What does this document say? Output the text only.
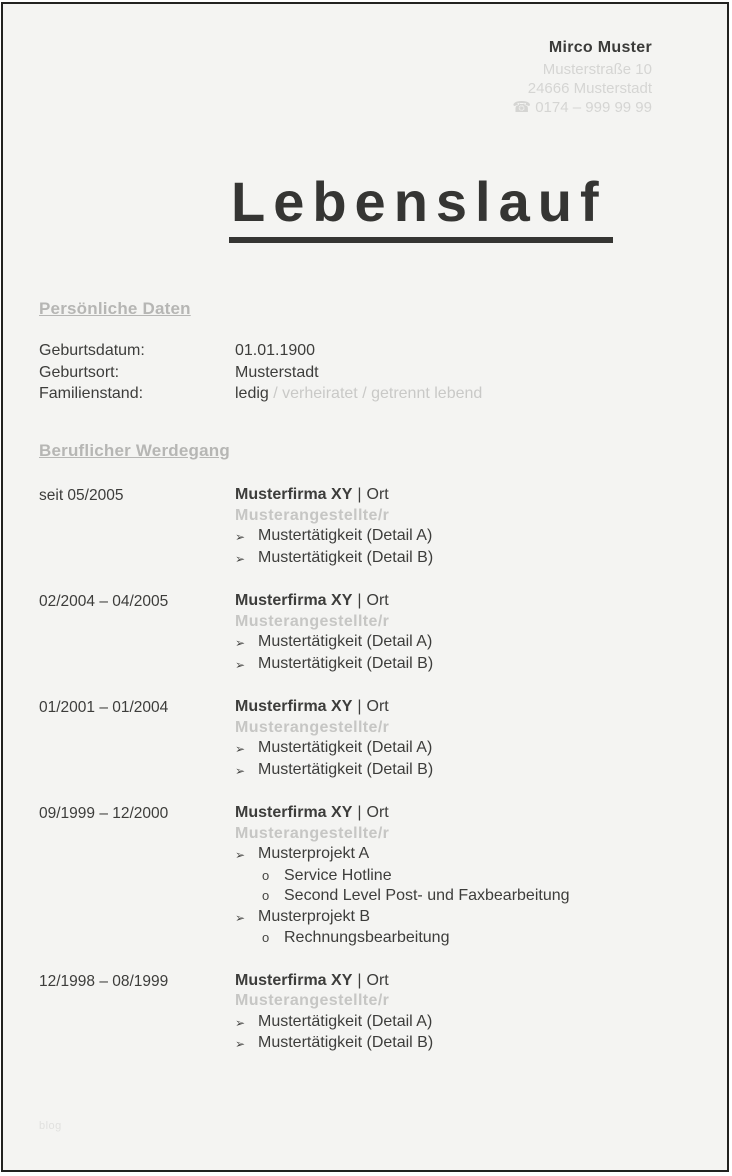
Mirco Muster
Musterstraße 10
24666 Musterstadt
☎ 0174 – 999 99 99
Lebenslauf
Persönliche Daten
Geburtsdatum:	01.01.1900
Geburtsort:	Musterstadt
Familienstand:	ledig / verheiratet / getrennt lebend
Beruflicher Werdegang
seit 05/2005	Musterfirma XY | Ort
Musterangestellte/r
➢ Mustertätigkeit (Detail A)
➢ Mustertätigkeit (Detail B)
02/2004 – 04/2005	Musterfirma XY | Ort
Musterangestellte/r
➢ Mustertätigkeit (Detail A)
➢ Mustertätigkeit (Detail B)
01/2001 – 01/2004	Musterfirma XY | Ort
Musterangestellte/r
➢ Mustertätigkeit (Detail A)
➢ Mustertätigkeit (Detail B)
09/1999 – 12/2000	Musterfirma XY | Ort
Musterangestellte/r
➢ Musterprojekt A
o Service Hotline
o Second Level Post- und Faxbearbeitung
➢ Musterprojekt B
o Rechnungsbearbeitung
12/1998 – 08/1999	Musterfirma XY | Ort
Musterangestellte/r
➢ Mustertätigkeit (Detail A)
➢ Mustertätigkeit (Detail B)
blog
